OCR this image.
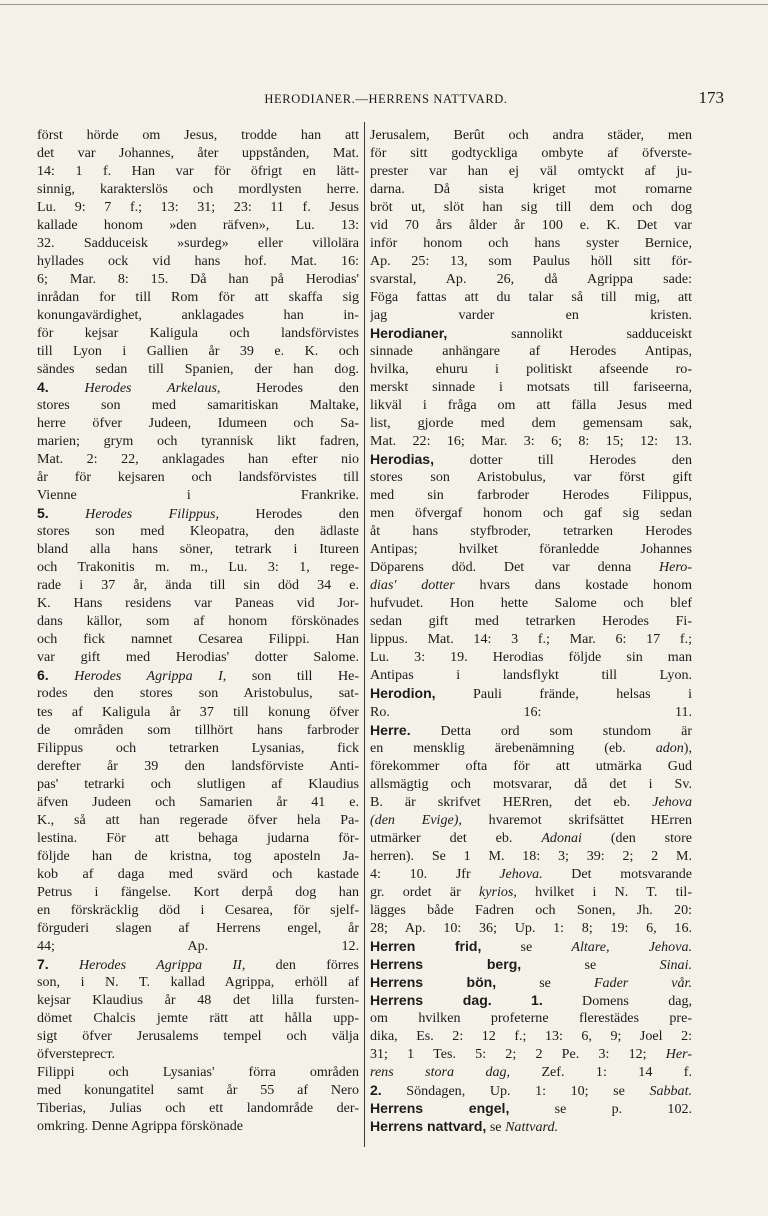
HERODIANER.—HERRENS NATTVARD.	173
först hörde om Jesus, trodde han att
det var Johannes, åter uppstånden, Mat.
14: 1 f. Han var för öfrigt en lätt-
sinnig, karakterslös och mordlysten herre.
Lu. 9: 7 f.; 13: 31; 23: 11 f. Jesus
kallade honom »den räfven», Lu. 13:
32. Sadduceisk »surdeg» eller villolära
hyllades ock vid hans hof. Mat. 16:
6; Mar. 8: 15. Då han på Herodias'
inrådan for till Rom för att skaffa sig
konungavärdighet, anklagades han in-
för kejsar Kaligula och landsförvistes
till Lyon i Gallien år 39 e. K. och
sändes sedan till Spanien, der han dog.
4.	Herodes Arkelaus, Herodes den
stores son med samaritiskan Maltake,
herre öfver Judeen, Idumeen och Sa-
marien; grym och tyrannisk likt fadren,
Mat. 2: 22, anklagades han efter nio
år för kejsaren och landsförvistes till
Vienne i Frankrike.
5.	Herodes Filippus, Herodes den
stores son med Kleopatra, den ädlaste
bland alla hans söner, tetrark i Itureen
och Trakonitis m. m., Lu. 3: 1, rege-
rade i 37 år, ända till sin död 34 e.
K. Hans residens var Paneas vid Jor-
dans källor, som af honom förskönades
och fick namnet Cesarea Filippi. Han
var gift med Herodias' dotter Salome.
6. Herodes Agrippa I, son till He-
rodes den stores son Aristobulus, sat-
tes af Kaligula år 37 till konung öfver
de områden som tillhört hans farbroder
Filippus och tetrarken Lysanias, fick
derefter år 39 den landsförviste Anti-
pas' tetrarki och slutligen af Klaudius
äfven Judeen och Samarien år 41 e.
K., så att han regerade öfver hela Pa-
lestina. För att behaga judarna för-
följde han de kristna, tog aposteln Ja-
kob af daga med svärd och kastade
Petrus i fängelse. Kort derpå dog han
en förskräcklig död i Cesarea, för sjelf-
förguderi slagen af Herrens engel, år
44; Ap. 12.
7. Herodes Agrippa II, den förres
son, i N. T. kallad Agrippa, erhöll af
kejsar Klaudius år 48 det lilla fursten-
dömet Chalcis jemte rätt att hålla upp-
sigt öfver Jerusalems tempel och välja
öfverstepreст.
Filippi och Lysanias' förra områden
med konungatitel samt år 55 af Nero
Tiberias, Julias och ett landområde der-
omkring. Denne Agrippa förskönade
Jerusalem, Berût och andra städer, men
för sitt godtyckliga ombyte af öfverste-
prester var han ej väl omtyckt af ju-
darna. Då sista kriget mot romarne
bröt ut, slöt han sig till dem och dog
vid 70 års ålder år 100 e. K. Det var
inför honom och hans syster Bernice,
Ap. 25: 13, som Paulus höll sitt för-
svarstal, Ap. 26, då Agrippa sade:
Föga fattas att du talar så till mig, att
jag varder en kristen.
Herodianer, sannolikt sadduceiskt
sinnade anhängare af Herodes Antipas,
hvilka, ehuru i politiskt afseende ro-
merskt sinnade i motsats till fariseerna,
likväl i fråga om att fälla Jesus med
list, gjorde med dem gemensam sak,
Mat. 22: 16; Mar. 3: 6; 8: 15; 12: 13.
Herodias, dotter till Herodes den
stores son Aristobulus, var först gift
med sin farbroder Herodes Filippus,
men öfvergaf honom och gaf sig sedan
åt hans styfbroder, tetrarken Herodes
Antipas; hvilket föranledde Johannes
Döparens död. Det var denna Hero-
dias' dotter hvars dans kostade honom
hufvudet. Hon hette Salome och blef
sedan gift med tetrarken Herodes Fi-
lippus. Mat. 14: 3 f.; Mar. 6: 17 f.;
Lu. 3: 19. Herodias följde sin man
Antipas i landsflykt till Lyon.
Herodion, Pauli frände, helsas i
Ro. 16: 11.
Herre. Detta ord som stundom är
en mensklig ärebenämning (eb. adon),
förekommer ofta för att utmärka Gud
allsmägtig och motsvarar, då det i Sv.
B. är skrifvet HERren, det eb. Jehova
(den Evige), hvaremot skrifsättet HErren
utmärker det eb. Adonai (den store
herren). Se 1 M. 18: 3; 39: 2; 2 M.
4: 10. Jfr Jehova. Det motsvarande
gr. ordet är kyrios, hvilket i N. T. til-
lägges både Fadren och Sonen, Jh. 20:
28; Ap. 10: 36; Up. 1: 8; 19: 6, 16.
Herren frid, se Altare, Jehova.
Herrens berg, se Sinai.
Herrens bön, se Fader vår.
Herrens dag.	1. Domens dag,
om hvilken profeterne flerestädes pre-
dika, Es. 2: 12 f.; 13: 6, 9; Joel 2:
31; 1 Tes. 5: 2; 2 Pe. 3: 12; Her-
rens stora dag, Zef. 1: 14 f.
2. Söndagen, Up. 1: 10; se Sabbat.
Herrens engel, se p. 102.
Herrens nattvard, se Nattvard.
